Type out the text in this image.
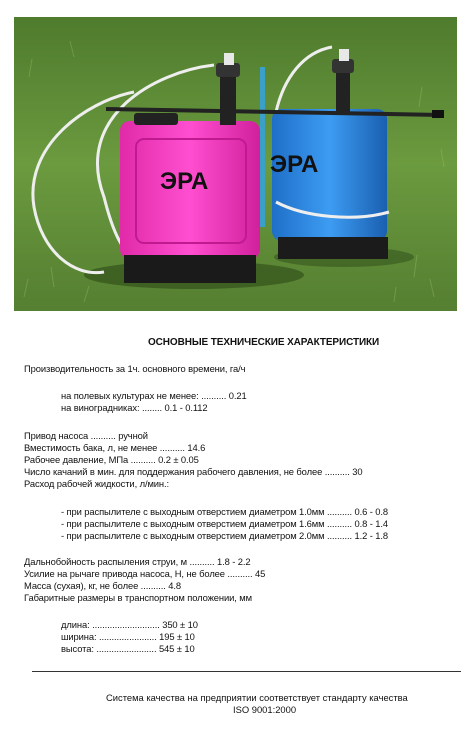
ЭРА
ЭРА
ОСНОВНЫЕ ТЕХНИЧЕСКИЕ ХАРАКТЕРИСТИКИ
Производительность за 1ч. основного времени, га/ч
на полевых культурах не менее: .......... 0.21
на виноградниках: ........ 0.1 - 0.112
Привод насоса .......... ручной
Вместимость бака, л, не менее .......... 14.6
Рабочее давление, МПа .......... 0.2 ± 0.05
Число качаний в мин. для поддержания рабочего давления, не более .......... 30
Расход рабочей жидкости, л/мин.:
- при распылителе с выходным отверстием диаметром 1.0мм .......... 0.6 - 0.8
- при распылителе с выходным отверстием диаметром 1.6мм .......... 0.8 - 1.4
- при распылителе с выходным отверстием диаметром 2.0мм .......... 1.2 - 1.8
Дальнобойность распыления струи, м .......... 1.8 - 2.2
Усилие на рычаге привода насоса, Н, не более .......... 45
Масса (сухая), кг, не более .......... 4.8
Габаритные размеры в транспортном положении, мм
длина: ........................... 350 ± 10
ширина: ....................... 195 ± 10
высота: ........................ 545 ± 10
Система качества на предприятии соответствует стандарту качества
ISO 9001:2000
